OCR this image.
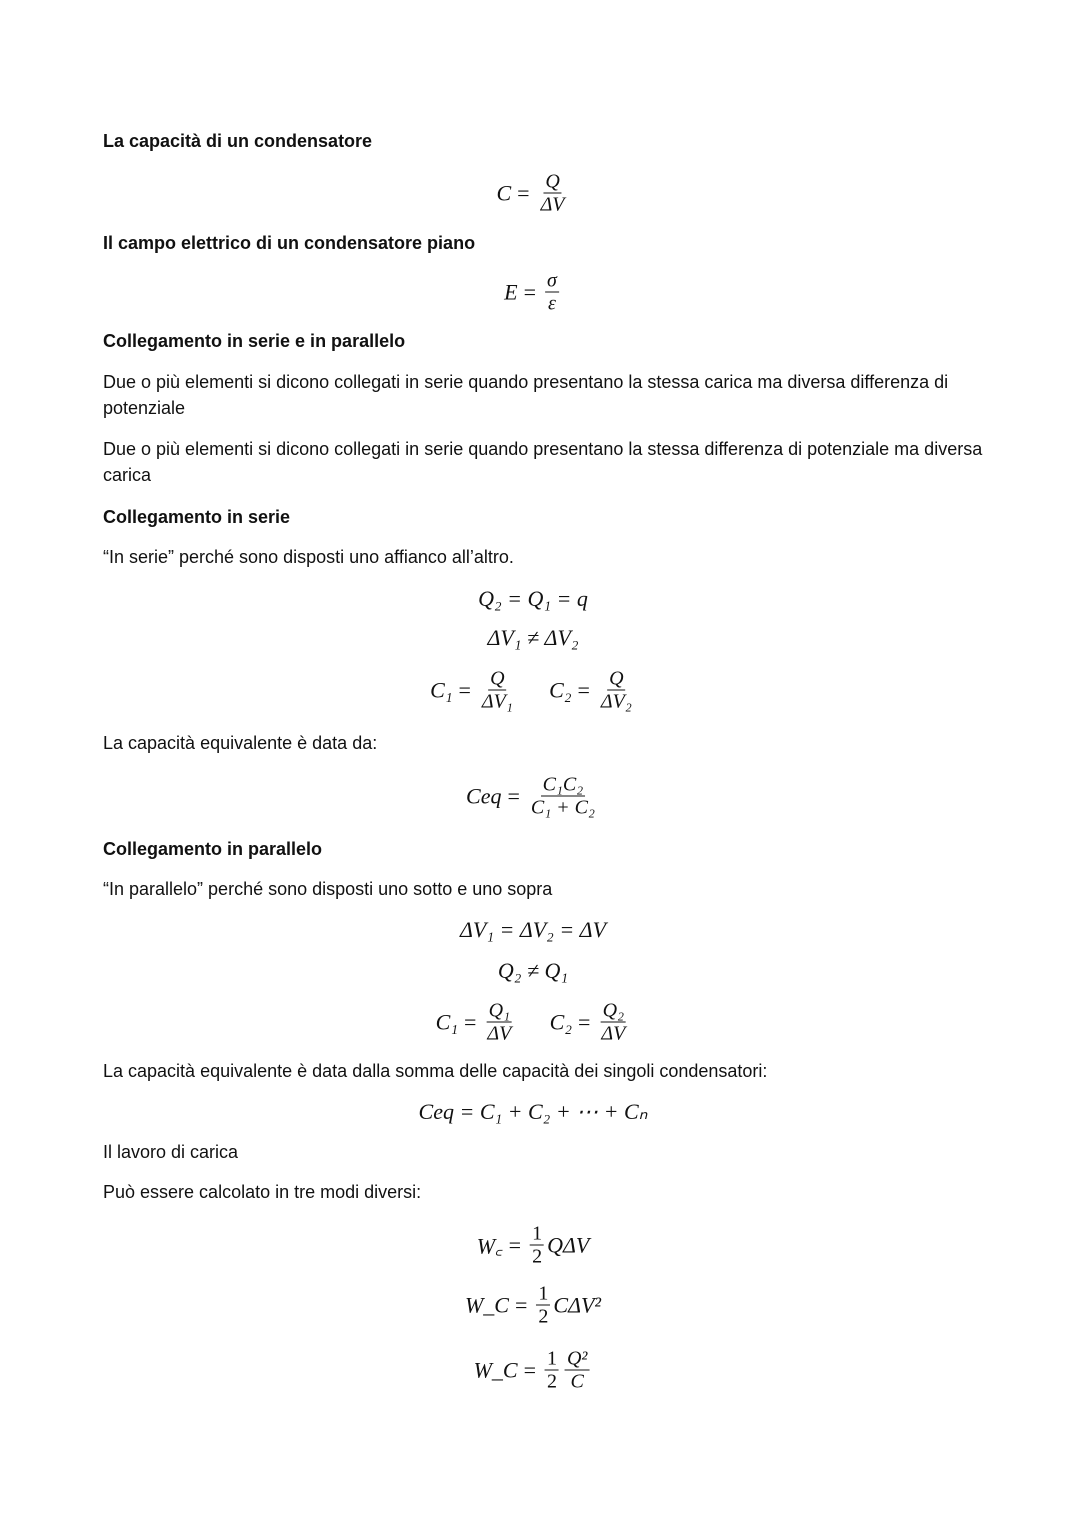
La capacità di un condensatore
$C = \frac{Q}{\Delta V}$
Il campo elettrico di un condensatore piano
$E = \frac{\sigma}{\varepsilon}$
Collegamento in serie e in parallelo
Due o più elementi si dicono collegati in serie quando presentano la stessa carica ma diversa differenza di potenziale
Due o più elementi si dicono collegati in serie quando presentano la stessa differenza di potenziale ma diversa carica
Collegamento in serie
“In serie” perché sono disposti uno affianco all’altro.
Q₂ = Q₁ = q
ΔV₁ ≠ ΔV₂
$C_1 = \frac{Q}{\text{ΔV₁}} C_2 = \frac{Q}{\text{ΔV₂}}$
La capacità equivalente è data da:
Ceq = $\frac{\text{C₁C₂}}{\text{C₁ + C₂}}$
Collegamento in parallelo
“In parallelo” perché sono disposti uno sotto e uno sopra
ΔV₁ = ΔV₂ = ΔV
Q₂ ≠ Q₁
$C_1 = \frac{\text{Q₁}}{\Delta V} C_2 = \frac{\text{Q₂}}{\Delta V}$
La capacità equivalente è data dalla somma delle capacità dei singoli condensatori:
Ceq = C₁ + C₂ + ⋯ + Cₙ
Il lavoro di carica
Può essere calcolato in tre modi diversi:
W꜀ = $\frac{1}{2}$ QΔV
W_C = $\frac{1}{2} C\Delta V^2$
W_C = $\frac{1}{2} \frac{\text{Q²}}{C}$
